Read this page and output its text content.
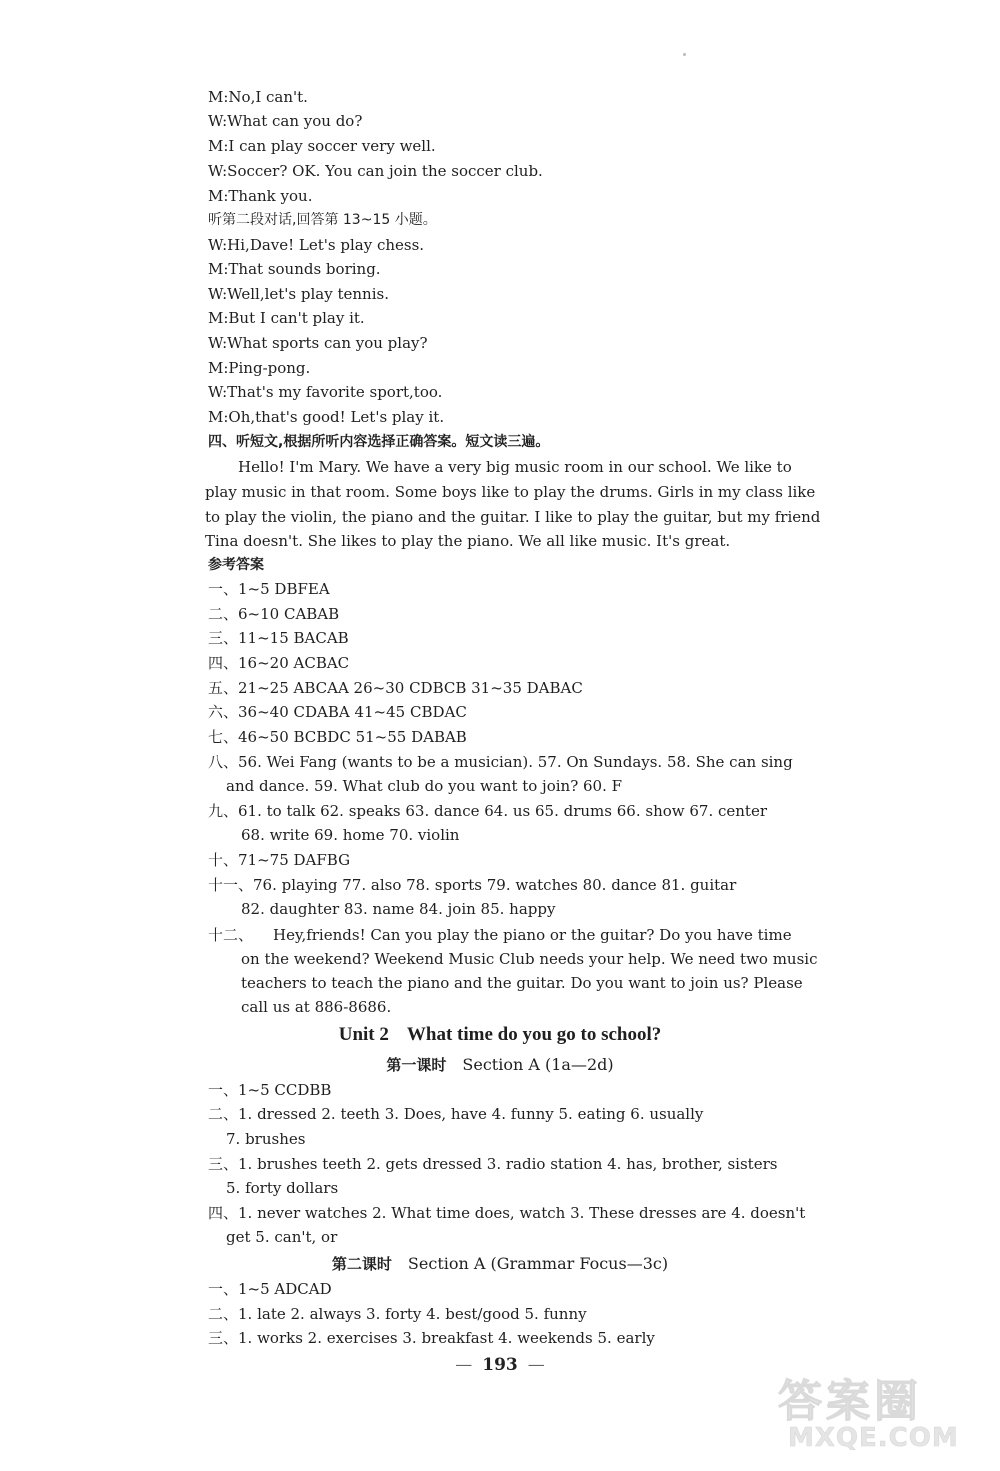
M:No,I can't.
W:What can you do?
M:I can play soccer very well.
W:Soccer? OK. You can join the soccer club.
M:Thank you.
听第二段对话,回答第 13~15 小题。
W:Hi,Dave! Let's play chess.
M:That sounds boring.
W:Well,let's play tennis.
M:But I can't play it.
W:What sports can you play?
M:Ping-pong.
W:That's my favorite sport,too.
M:Oh,that's good! Let's play it.
四、听短文,根据所听内容选择正确答案。短文读三遍。
Hello! I'm Mary. We have a very big music room in our school. We like to
play music in that room. Some boys like to play the drums. Girls in my class like
to play the violin, the piano and the guitar. I like to play the guitar, but my friend
Tina doesn't. She likes to play the piano. We all like music. It's great.
参考答案
一、1~5 DBFEA
二、6~10 CABAB
三、11~15 BACAB
四、16~20 ACBAC
五、21~25 ABCAA 26~30 CDBCB 31~35 DABAC
六、36~40 CDABA 41~45 CBDAC
七、46~50 BCBDC 51~55 DABAB
八、56. Wei Fang (wants to be a musician). 57. On Sundays. 58. She can sing
and dance. 59. What club do you want to join? 60. F
九、61. to talk 62. speaks 63. dance 64. us 65. drums 66. show 67. center
68. write 69. home 70. violin
十、71~75 DAFBG
十一、76. playing 77. also 78. sports 79. watches 80. dance 81. guitar
82. daughter 83. name 84. join 85. happy
十二、 Hey,friends! Can you play the piano or the guitar? Do you have time
on the weekend? Weekend Music Club needs your help. We need two music
teachers to teach the piano and the guitar. Do you want to join us? Please
call us at 886-8686.
Unit 2 What time do you go to school?
第一课时 Section A (1a—2d)
一、1~5 CCDBB
二、1. dressed 2. teeth 3. Does, have 4. funny 5. eating 6. usually
7. brushes
三、1. brushes teeth 2. gets dressed 3. radio station 4. has, brother, sisters
5. forty dollars
四、1. never watches 2. What time does, watch 3. These dresses are 4. doesn't
get 5. can't, or
第二课时 Section A (Grammar Focus—3c)
一、1~5 ADCAD
二、1. late 2. always 3. forty 4. best/good 5. funny
三、1. works 2. exercises 3. breakfast 4. weekends 5. early
— 193 —
答案圈
MXQE.COM
